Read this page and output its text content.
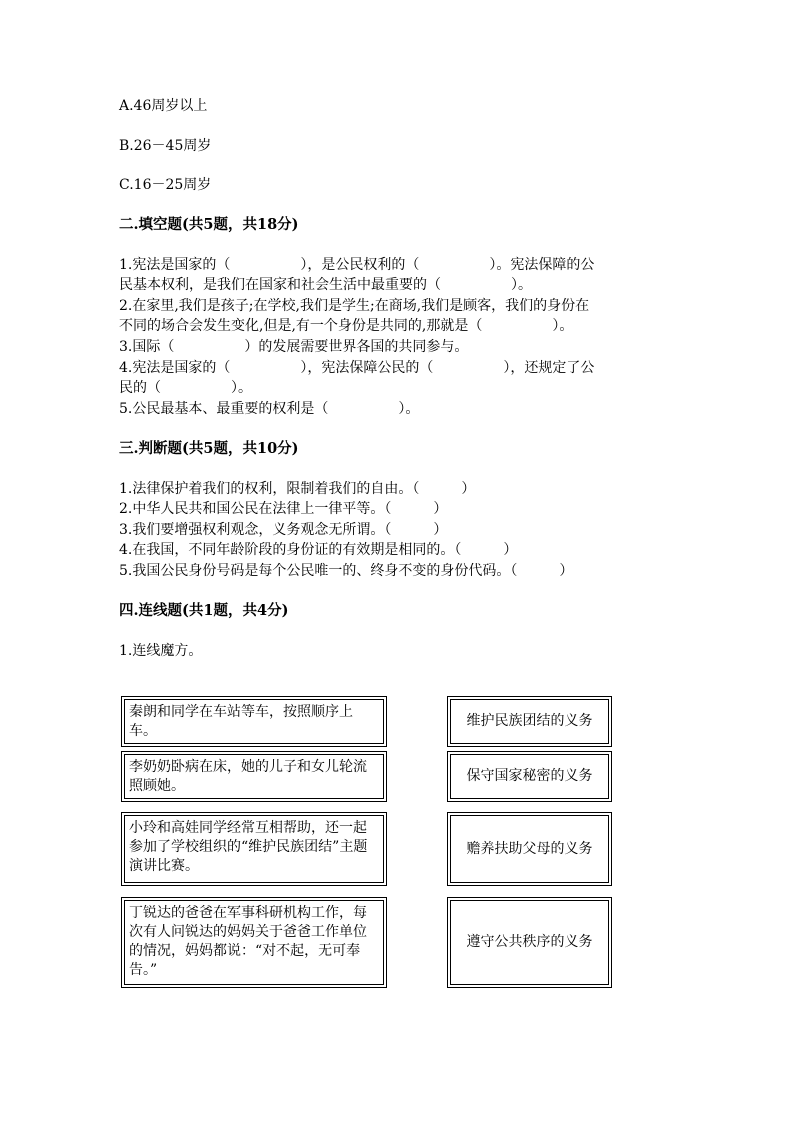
A.46周岁以上
B.26－45周岁
C.16－25周岁
二.填空题(共5题，共18分)
1.宪法是国家的（　　　　　），是公民权利的（　　　　　）。宪法保障的公
民基本权利，是我们在国家和社会生活中最重要的（　　　　　）。
2.在家里,我们是孩子;在学校,我们是学生;在商场,我们是顾客，我们的身份在
不同的场合会发生变化,但是,有一个身份是共同的,那就是（　　　　　）。
3.国际（　　　　　）的发展需要世界各国的共同参与。
4.宪法是国家的（　　　　　），宪法保障公民的（　　　　　），还规定了公
民的（　　　　　）。
5.公民最基本、最重要的权利是（　　　　　）。
三.判断题(共5题，共10分)
1.法律保护着我们的权利，限制着我们的自由。（　　　）
2.中华人民共和国公民在法律上一律平等。（　　　）
3.我们要增强权利观念，义务观念无所谓。（　　　）
4.在我国，不同年龄阶段的身份证的有效期是相同的。（　　　）
5.我国公民身份号码是每个公民唯一的、终身不变的身份代码。（　　　）
四.连线题(共1题，共4分)
1.连线魔方。
秦朗和同学在车站等车，按照顺序上车。
李奶奶卧病在床，她的儿子和女儿轮流照顾她。
小玲和高娃同学经常互相帮助，还一起参加了学校组织的“维护民族团结”主题演讲比赛。
丁锐达的爸爸在军事科研机构工作，每次有人问锐达的妈妈关于爸爸工作单位的情况，妈妈都说：“对不起，无可奉告。”
维护民族团结的义务
保守国家秘密的义务
赡养扶助父母的义务
遵守公共秩序的义务
